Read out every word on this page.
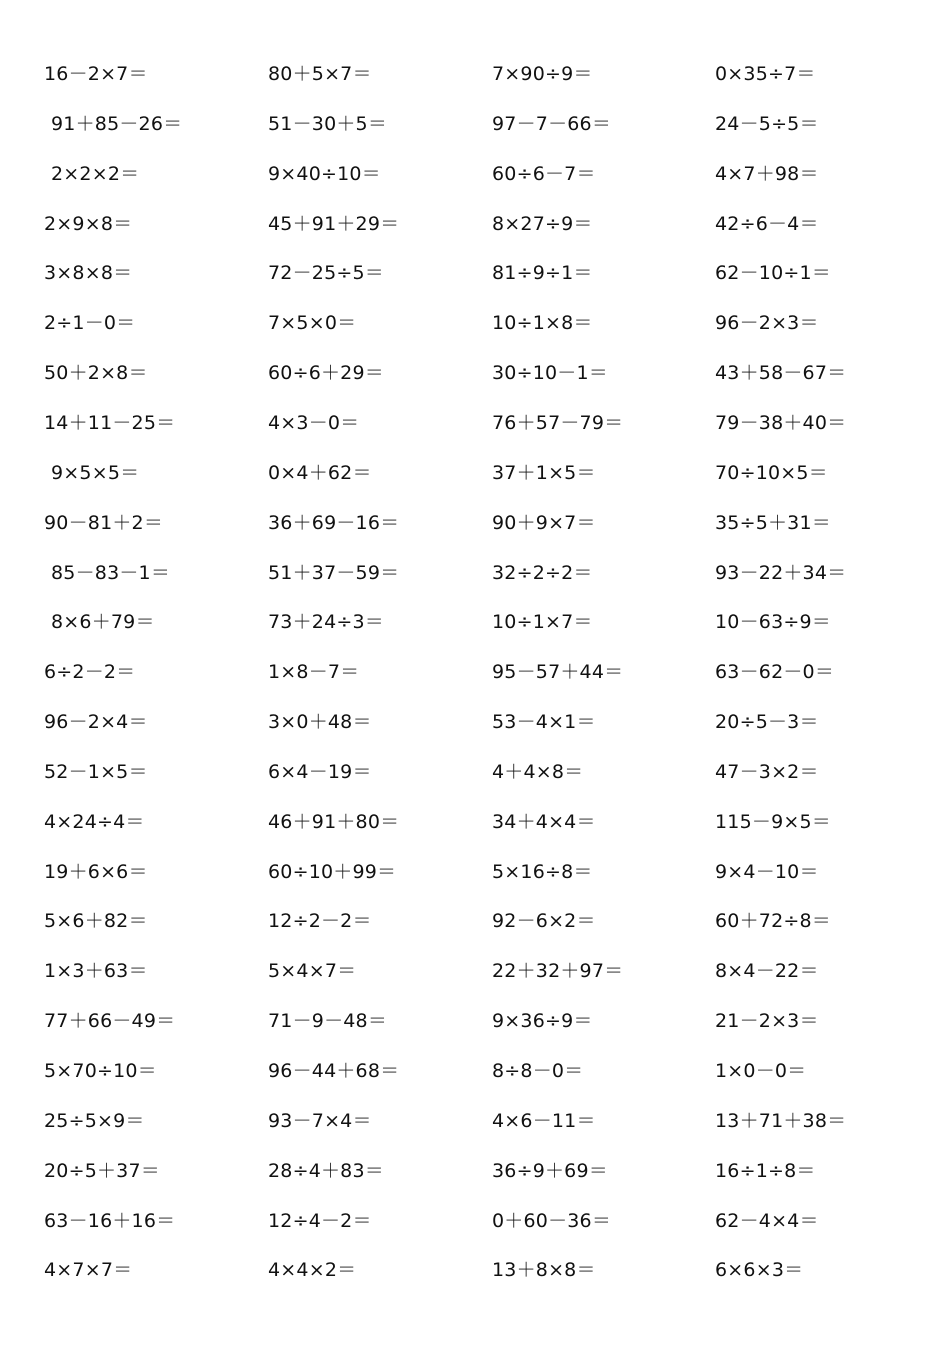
16－2×7＝	80＋5×7＝	7×90÷9＝	0×35÷7＝
91＋85－26＝	51－30＋5＝	97－7－66＝	24－5÷5＝
2×2×2＝	9×40÷10＝	60÷6－7＝	4×7＋98＝
2×9×8＝	45＋91＋29＝	8×27÷9＝	42÷6－4＝
3×8×8＝	72－25÷5＝	81÷9÷1＝	62－10÷1＝
2÷1－0＝	7×5×0＝	10÷1×8＝	96－2×3＝
50＋2×8＝	60÷6＋29＝	30÷10－1＝	43＋58－67＝
14＋11－25＝	4×3－0＝	76＋57－79＝	79－38＋40＝
9×5×5＝	0×4＋62＝	37＋1×5＝	70÷10×5＝
90－81＋2＝	36＋69－16＝	90＋9×7＝	35÷5＋31＝
85－83－1＝	51＋37－59＝	32÷2÷2＝	93－22＋34＝
8×6＋79＝	73＋24÷3＝	10÷1×7＝	10－63÷9＝
6÷2－2＝	1×8－7＝	95－57＋44＝	63－62－0＝
96－2×4＝	3×0＋48＝	53－4×1＝	20÷5－3＝
52－1×5＝	6×4－19＝	4＋4×8＝	47－3×2＝
4×24÷4＝	46＋91＋80＝	34＋4×4＝	115－9×5＝
19＋6×6＝	60÷10＋99＝	5×16÷8＝	9×4－10＝
5×6＋82＝	12÷2－2＝	92－6×2＝	60＋72÷8＝
1×3＋63＝	5×4×7＝	22＋32＋97＝	8×4－22＝
77＋66－49＝	71－9－48＝	9×36÷9＝	21－2×3＝
5×70÷10＝	96－44＋68＝	8÷8－0＝	1×0－0＝
25÷5×9＝	93－7×4＝	4×6－11＝	13＋71＋38＝
20÷5＋37＝	28÷4＋83＝	36÷9＋69＝	16÷1÷8＝
63－16＋16＝	12÷4－2＝	0＋60－36＝	62－4×4＝
4×7×7＝	4×4×2＝	13＋8×8＝	6×6×3＝
